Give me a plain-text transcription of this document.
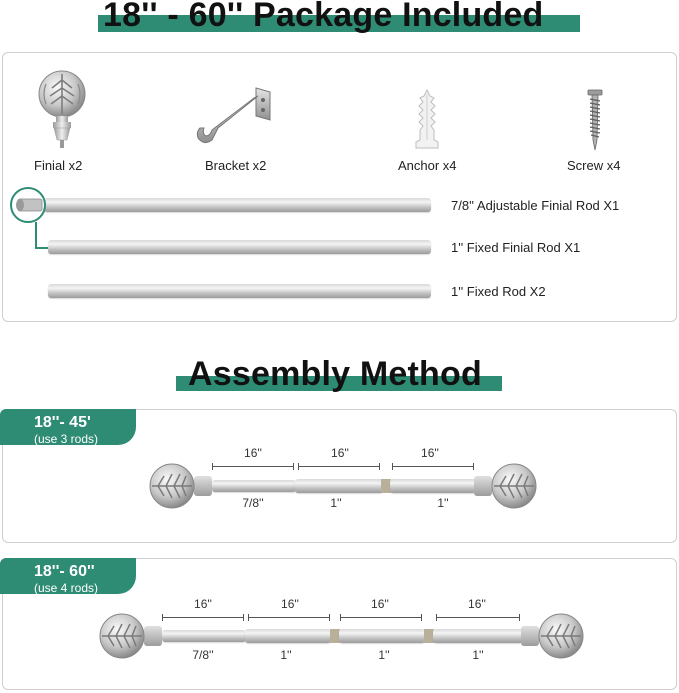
18'' - 60'' Package Included
Finial x2	Bracket x2	Anchor x4	Screw x4
7/8'' Adjustable Finial Rod X1
1'' Fixed Finial Rod X1
1'' Fixed Rod X2
Assembly Method
18''- 45'
(use 3 rods)
16''	16''	16''
7/8''	1''	1''
18''- 60''
(use 4 rods)
16''	16''	16''	16''
7/8''	1''	1''	1''
